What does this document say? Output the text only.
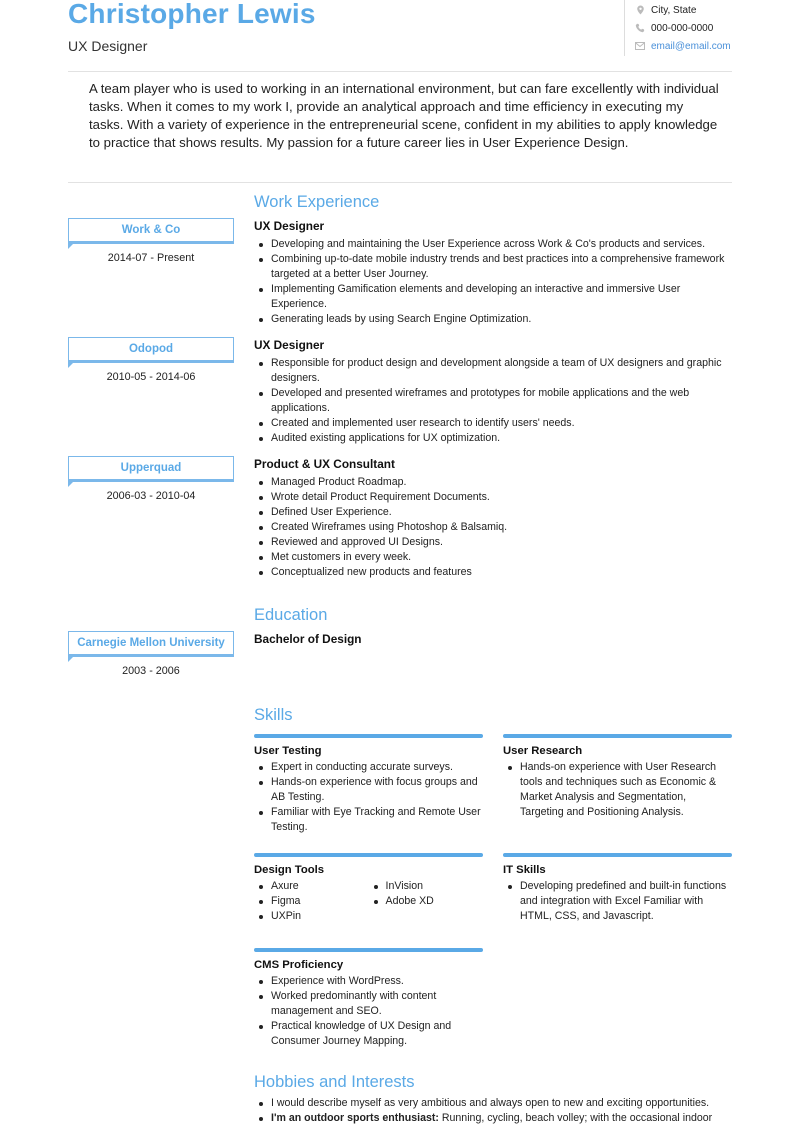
Christopher Lewis
UX Designer
City, State
000-000-0000
email@email.com

A team player who is used to working in an international environment, but can fare excellently with individual tasks. When it comes to my work I, provide an analytical approach and time efficiency in executing my tasks. With a variety of experience in the entrepreneurial scene, confident in my abilities to apply knowledge to practice that shows results. My passion for a future career lies in User Experience Design.

Work Experience
Work & Co
2014-07 - Present
UX Designer
Developing and maintaining the User Experience across Work & Co's products and services.
Combining up-to-date mobile industry trends and best practices into a comprehensive framework targeted at a better User Journey.
Implementing Gamification elements and developing an interactive and immersive User Experience.
Generating leads by using Search Engine Optimization.
Odopod
2010-05 - 2014-06
UX Designer
Responsible for product design and development alongside a team of UX designers and graphic designers.
Developed and presented wireframes and prototypes for mobile applications and the web applications.
Created and implemented user research to identify users' needs.
Audited existing applications for UX optimization.
Upperquad
2006-03 - 2010-04
Product & UX Consultant
Managed Product Roadmap.
Wrote detail Product Requirement Documents.
Defined User Experience.
Created Wireframes using Photoshop & Balsamiq.
Reviewed and approved UI Designs.
Met customers in every week.
Conceptualized new products and features
Education
Carnegie Mellon University
2003 - 2006
Bachelor of Design
Skills
User Testing
Expert in conducting accurate surveys.
Hands-on experience with focus groups and AB Testing.
Familiar with Eye Tracking and Remote User Testing.
User Research
Hands-on experience with User Research tools and techniques such as Economic & Market Analysis and Segmentation, Targeting and Positioning Analysis.
Design Tools
Axure
Figma
UXPin
InVision
Adobe XD
IT Skills
Developing predefined and built-in functions and integration with Excel Familiar with HTML, CSS, and Javascript.
CMS Proficiency
Experience with WordPress.
Worked predominantly with content management and SEO.
Practical knowledge of UX Design and Consumer Journey Mapping.
Hobbies and Interests
I would describe myself as very ambitious and always open to new and exciting opportunities.
I'm an outdoor sports enthusiast: Running, cycling, beach volley; with the occasional indoor
